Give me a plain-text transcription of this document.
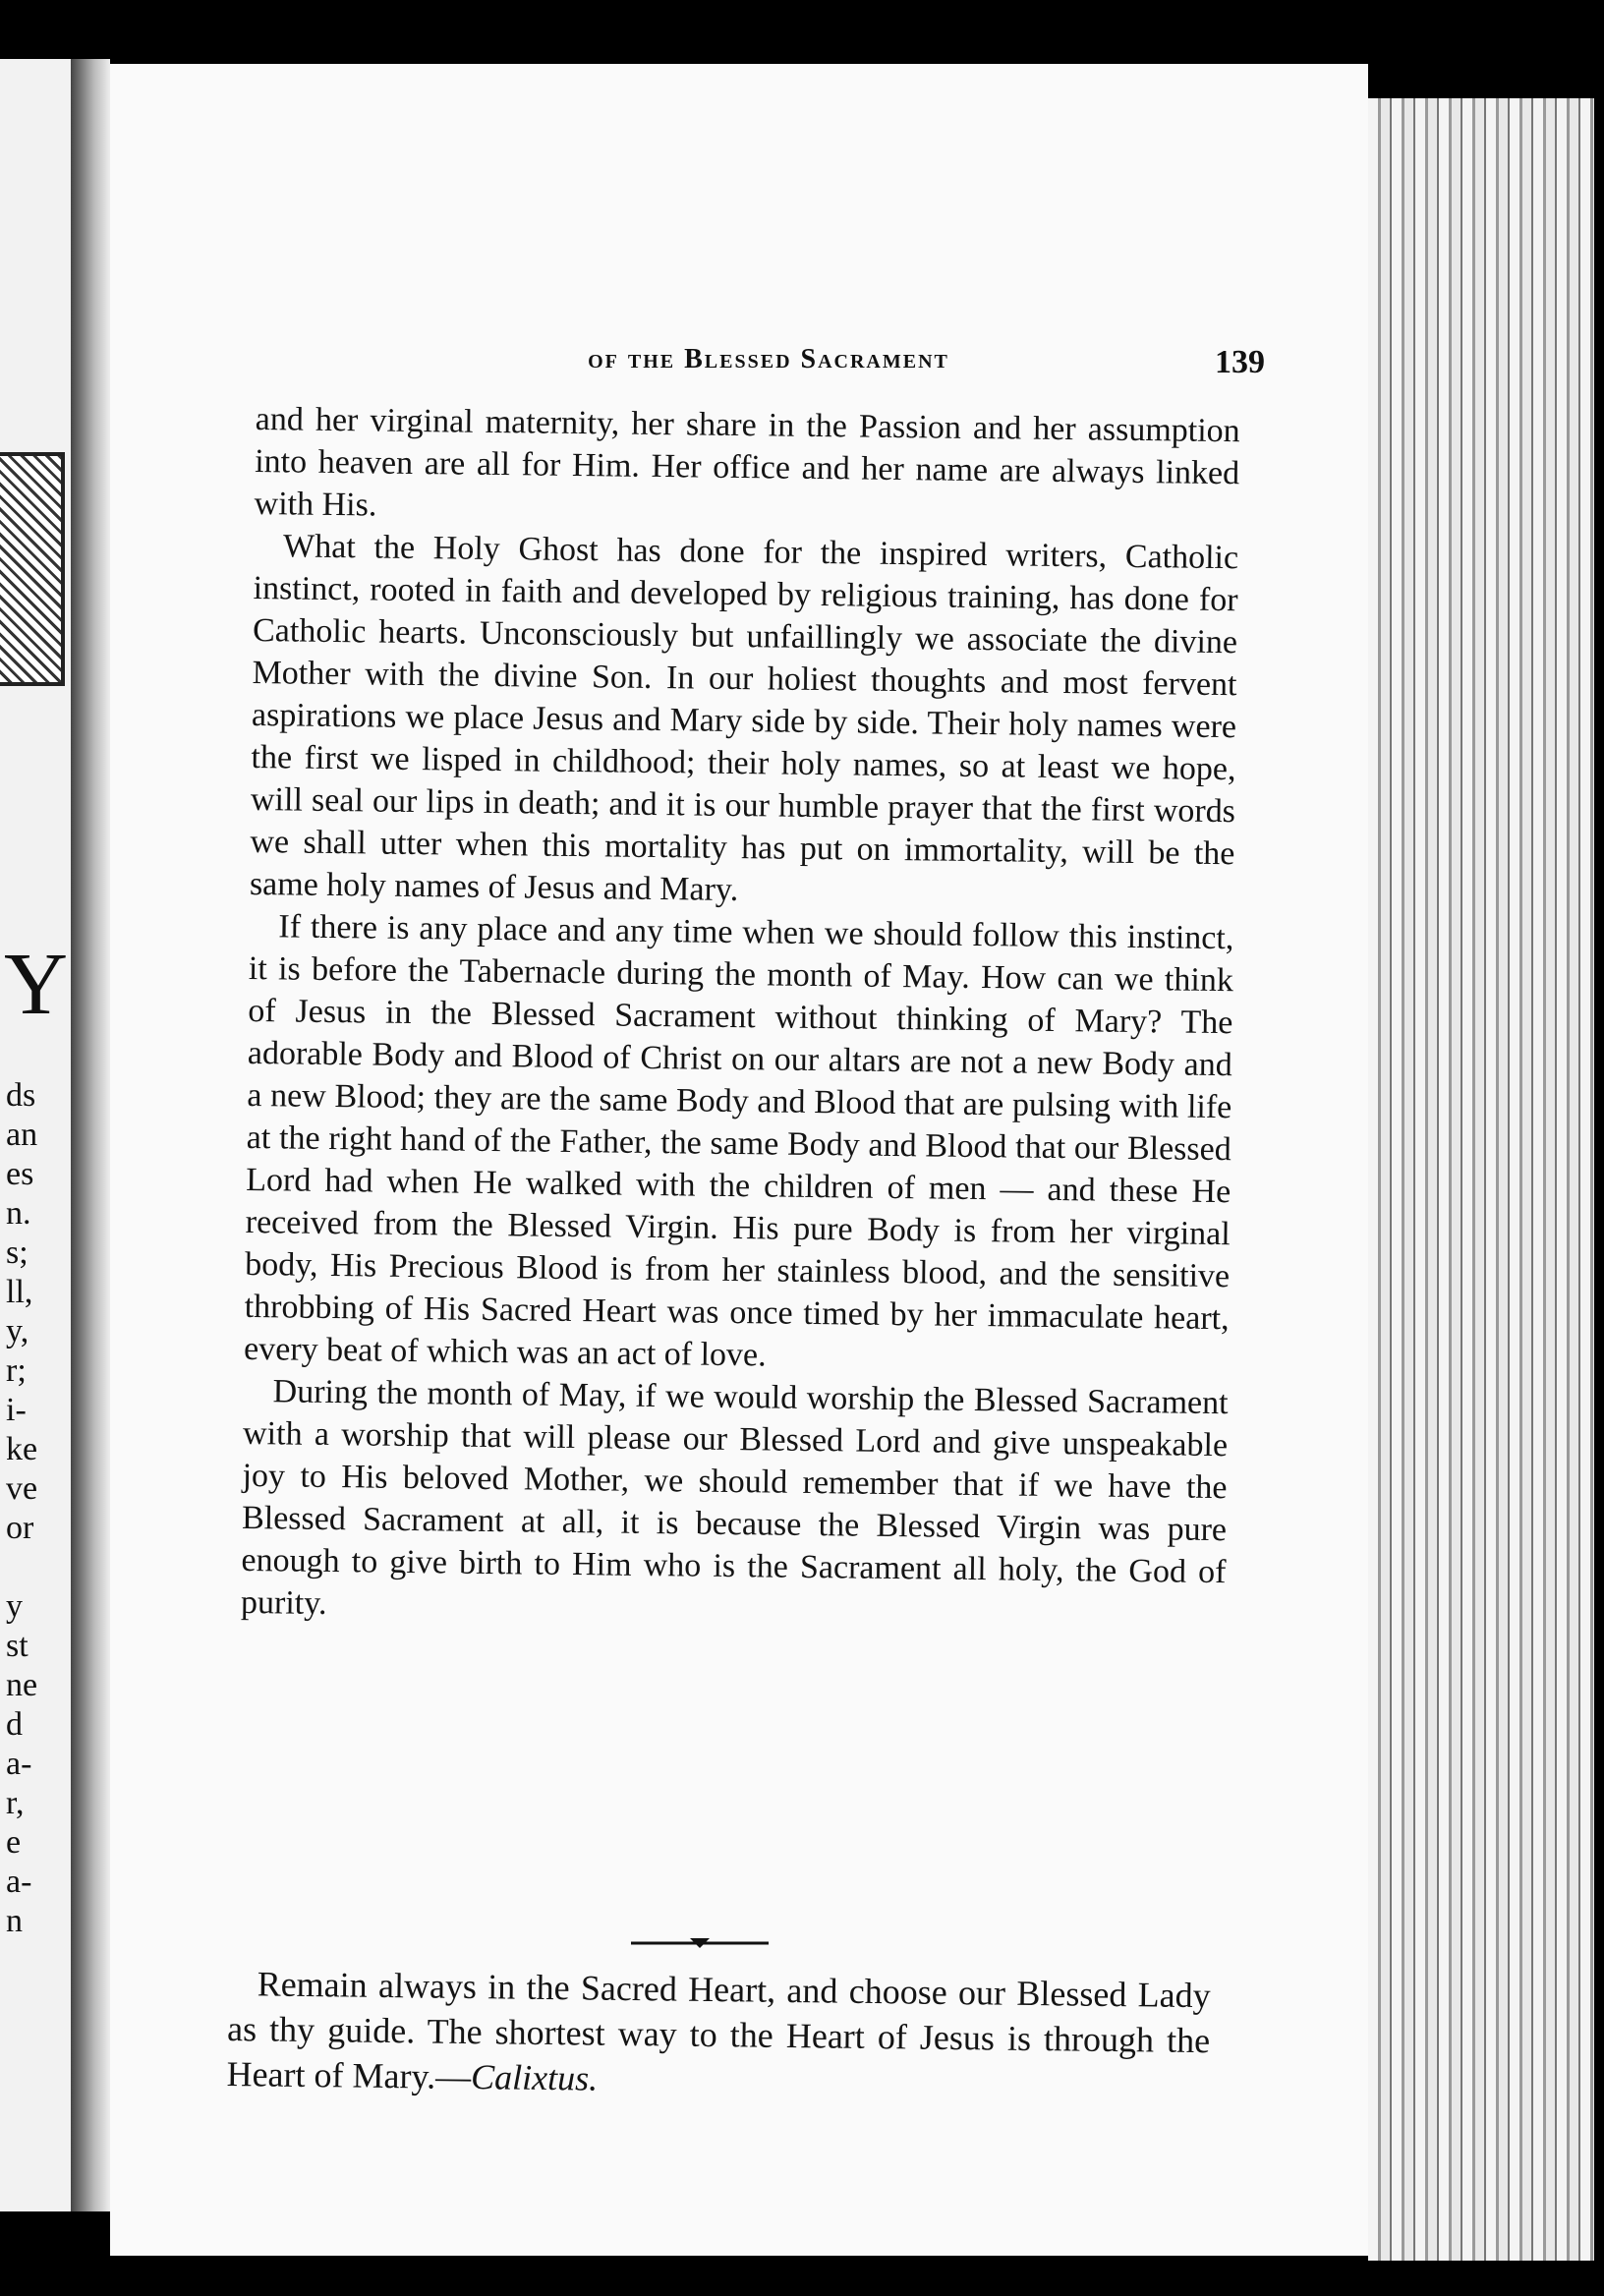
Y
ds
an
es
n.
s;
ll,
y,
r;
i-
ke
ve
or
y
st
ne
d
a-
r,
e
a-
n
of the Blessed Sacrament	139

and her virginal maternity, her share in the Passion and her assumption into heaven are all for Him. Her office and her name are always linked with His.

What the Holy Ghost has done for the inspired writers, Catholic instinct, rooted in faith and developed by religious training, has done for Catholic hearts. Unconsciously but unfaillingly we associate the divine Mother with the divine Son. In our holiest thoughts and most fervent aspirations we place Jesus and Mary side by side. Their holy names were the first we lisped in childhood; their holy names, so at least we hope, will seal our lips in death; and it is our humble prayer that the first words we shall utter when this mortality has put on immortality, will be the same holy names of Jesus and Mary.

If there is any place and any time when we should follow this instinct, it is before the Tabernacle during the month of May. How can we think of Jesus in the Blessed Sacrament without thinking of Mary? The adorable Body and Blood of Christ on our altars are not a new Body and a new Blood; they are the same Body and Blood that are pulsing with life at the right hand of the Father, the same Body and Blood that our Blessed Lord had when He walked with the children of men — and these He received from the Blessed Virgin. His pure Body is from her virginal body, His Precious Blood is from her stainless blood, and the sensitive throbbing of His Sacred Heart was once timed by her immaculate heart, every beat of which was an act of love.

During the month of May, if we would worship the Blessed Sacrament with a worship that will please our Blessed Lord and give unspeakable joy to His beloved Mother, we should remember that if we have the Blessed Sacrament at all, it is because the Blessed Virgin was pure enough to give birth to Him who is the Sacrament all holy, the God of purity.

Remain always in the Sacred Heart, and choose our Blessed Lady as thy guide. The shortest way to the Heart of Jesus is through the Heart of Mary.—Calixtus.
